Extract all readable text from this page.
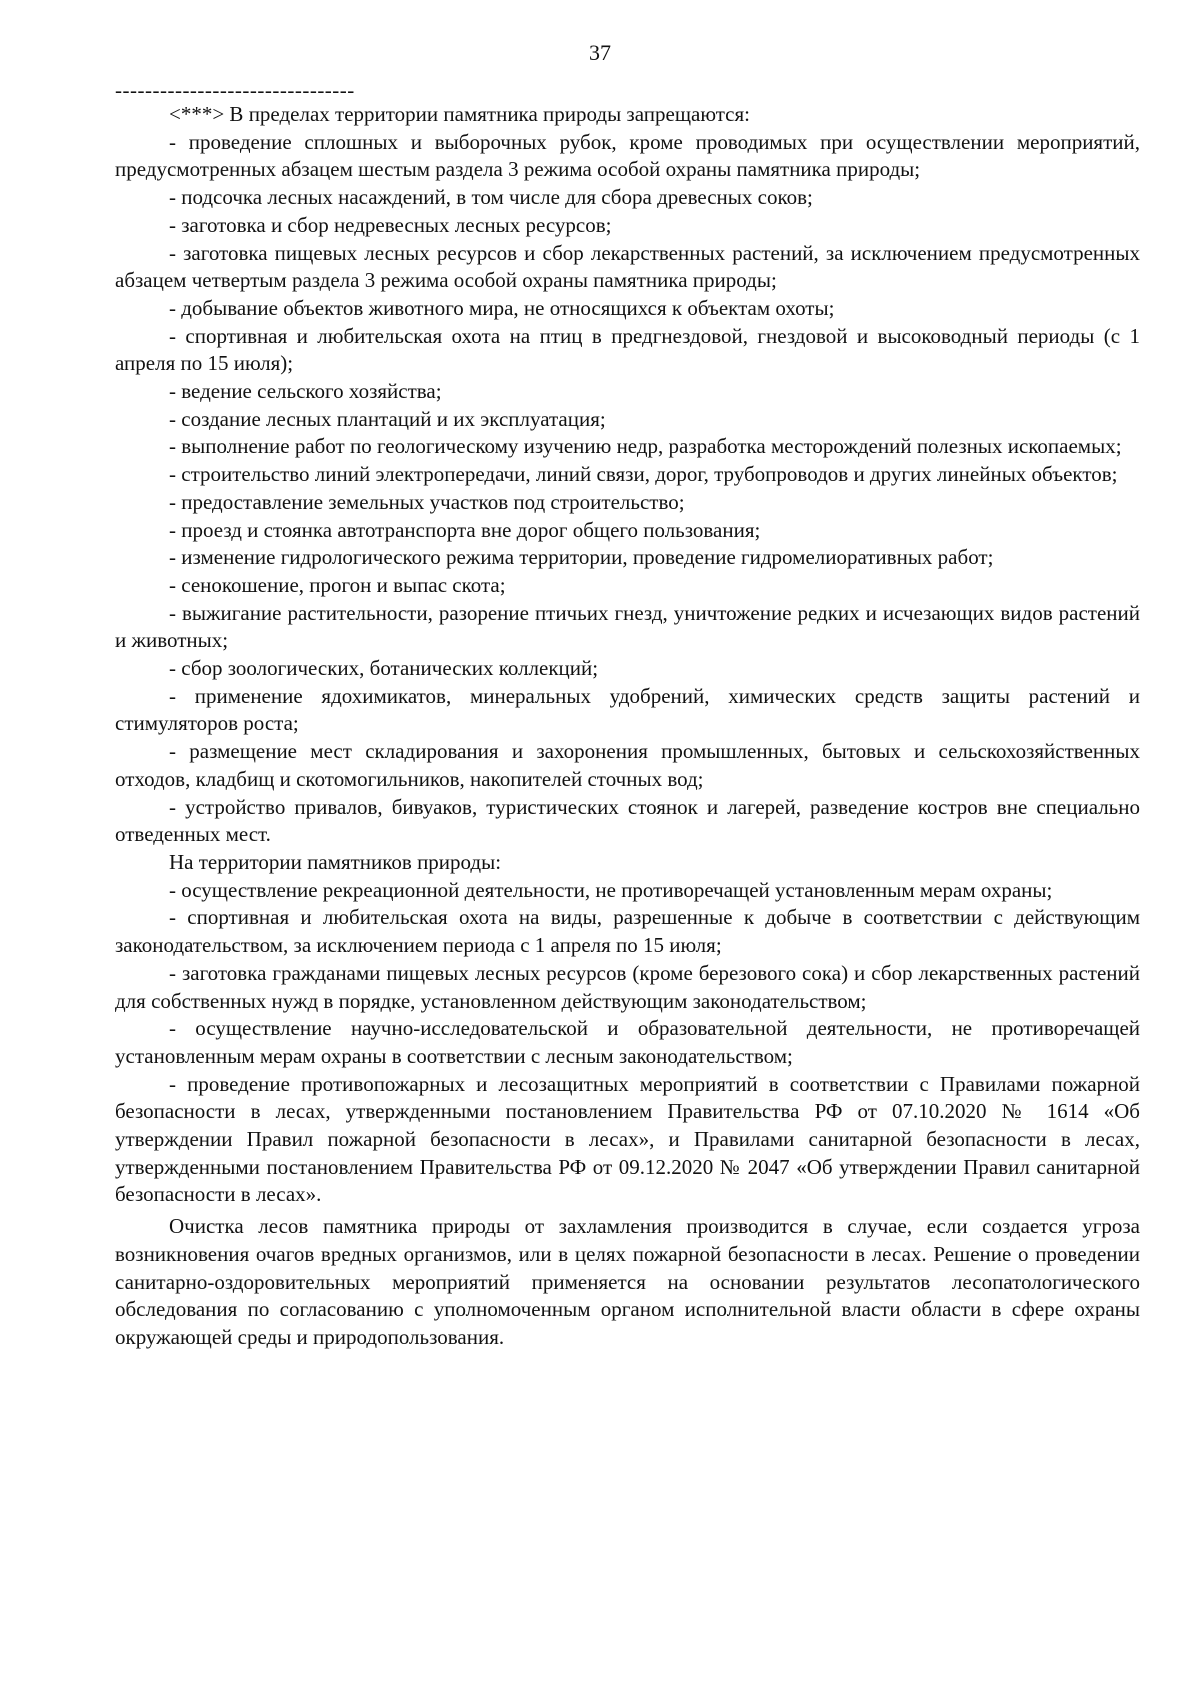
37
--------------------------------

<***> В пределах территории памятника природы запрещаются:

- проведение сплошных и выборочных рубок, кроме проводимых при осуществлении мероприятий, предусмотренных абзацем шестым раздела 3 режима особой охраны памятника природы;

- подсочка лесных насаждений, в том числе для сбора древесных соков;

- заготовка и сбор недревесных лесных ресурсов;

- заготовка пищевых лесных ресурсов и сбор лекарственных растений, за исключением предусмотренных абзацем четвертым раздела 3 режима особой охраны памятника природы;

- добывание объектов животного мира, не относящихся к объектам охоты;

- спортивная и любительская охота на птиц в предгнездовой, гнездовой и высоководный периоды (с 1 апреля по 15 июля);

- ведение сельского хозяйства;

- создание лесных плантаций и их эксплуатация;

- выполнение работ по геологическому изучению недр, разработка месторождений полезных ископаемых;

- строительство линий электропередачи, линий связи, дорог, трубопроводов и других линейных объектов;

- предоставление земельных участков под строительство;

- проезд и стоянка автотранспорта вне дорог общего пользования;

- изменение гидрологического режима территории, проведение гидромелиоративных работ;

- сенокошение, прогон и выпас скота;

- выжигание растительности, разорение птичьих гнезд, уничтожение редких и исчезающих видов растений и животных;

- сбор зоологических, ботанических коллекций;

- применение ядохимикатов, минеральных удобрений, химических средств защиты растений и стимуляторов роста;

- размещение мест складирования и захоронения промышленных, бытовых и сельскохозяйственных отходов, кладбищ и скотомогильников, накопителей сточных вод;

- устройство привалов, бивуаков, туристических стоянок и лагерей, разведение костров вне специально отведенных мест.

На территории памятников природы:

- осуществление рекреационной деятельности, не противоречащей установленным мерам охраны;

- спортивная и любительская охота на виды, разрешенные к добыче в соответствии с действующим законодательством, за исключением периода с 1 апреля по 15 июля;

- заготовка гражданами пищевых лесных ресурсов (кроме березового сока) и сбор лекарственных растений для собственных нужд в порядке, установленном действующим законодательством;

- осуществление научно-исследовательской и образовательной деятельности, не противоречащей установленным мерам охраны в соответствии с лесным законодательством;

- проведение противопожарных и лесозащитных мероприятий в соответствии с Правилами пожарной безопасности в лесах, утвержденными постановлением Правительства РФ от 07.10.2020 № 1614 «Об утверждении Правил пожарной безопасности в лесах», и Правилами санитарной безопасности в лесах, утвержденными постановлением Правительства РФ от 09.12.2020 № 2047 «Об утверждении Правил санитарной безопасности в лесах».

Очистка лесов памятника природы от захламления производится в случае, если создается угроза возникновения очагов вредных организмов, или в целях пожарной безопасности в лесах. Решение о проведении санитарно-оздоровительных мероприятий применяется на основании результатов лесопатологического обследования по согласованию с уполномоченным органом исполнительной власти области в сфере охраны окружающей среды и природопользования.
